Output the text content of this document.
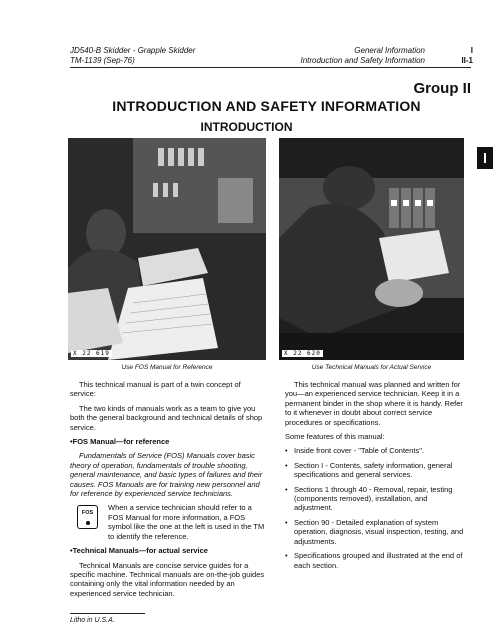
JD540-B Skidder - Grapple Skidder
TM-1139 (Sep-76)
General Information
Introduction and Safety Information
I
II-1
Group II
INTRODUCTION AND SAFETY INFORMATION
INTRODUCTION
X 22 619
Use FOS Manual for Reference
X 22 620
Use Technical Manuals for Actual Service

This technical manual is part of a twin concept of service:

The two kinds of manuals work as a team to give you both the general background and technical details of shop service.

•FOS Manual—for reference

Fundamentals of Service (FOS) Manuals cover basic theory of operation, fundamentals of trouble shooting, general maintenance, and basic types of failures and their causes. FOS Manuals are for training new personnel and for reference by experienced service technicians.

FOS

When a service technician should refer to a FOS Manual for more information, a FOS symbol like the one at the left is used in the TM to identify the reference.

•Technical Manuals—for actual service

Technical Manuals are concise service guides for a specific machine. Technical manuals are on-the-job guides containing only the vital information needed by an experienced service technician.

This technical manual was planned and written for you—an experienced service technician. Keep it in a permanent binder in the shop where it is handy. Refer to it whenever in doubt about correct service procedures or specifications.

Some features of this manual:

• Inside front cover - "Table of Contents".

• Section I - Contents, safety information, general specifications and general services.

• Sections 1 through 40 - Removal, repair, testing (components removed), installation, and adjustment.

• Section 90 - Detailed explanation of system operation, diagnosis, visual inspection, testing, and adjustments.

• Specifications grouped and illustrated at the end of each section.

Litho in U.S.A.
